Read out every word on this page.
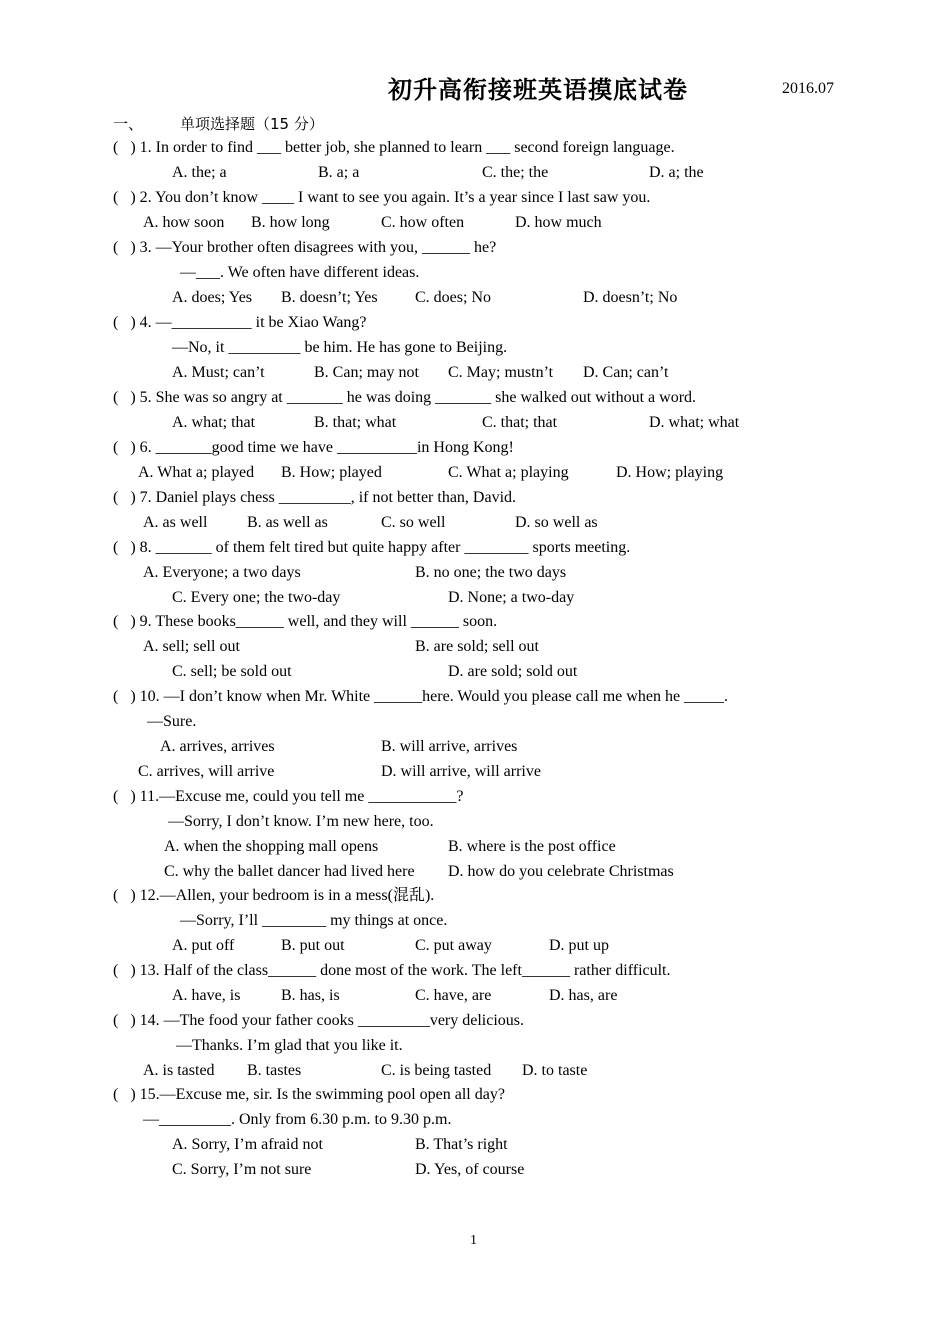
初升高衔接班英语摸底试卷	2016.07
一、 单项选择题（15 分）
(   ) 1. In order to find ___ better job, she planned to learn ___ second foreign language.
A. the; a	B. a; a	C. the; the	D. a; the
(   ) 2. You don’t know ____ I want to see you again. It’s a year since I last saw you.
A. how soon B. how long	C. how often	D. how much
(   ) 3. —Your brother often disagrees with you, ______ he?
—___. We often have different ideas.
A. does; Yes B. doesn’t; Yes C. does; No	D. doesn’t; No
(   ) 4. —__________ it be Xiao Wang?
—No, it _________ be him. He has gone to Beijing.
A. Must; can’t	B. Can; may not C. May; mustn’t D. Can; can’t
(   ) 5. She was so angry at _______ he was doing _______ she walked out without a word.
A. what; that	B. that; what	C. that; that	D. what; what
(   ) 6. _______good time we have __________in Hong Kong!
A. What a; played B. How; played	C. What a; playing	D. How; playing
(   ) 7. Daniel plays chess _________, if not better than, David.
A. as well B. as well as	C. so well	D. so well as
(   ) 8. _______ of them felt tired but quite happy after ________ sports meeting.
A. Everyone; a two days	B. no one; the two days
C. Every one; the two-day	D. None; a two-day
(   ) 9. These books______ well, and they will ______ soon.
A. sell; sell out	B. are sold; sell out
C. sell; be sold out	D. are sold; sold out
(   ) 10. —I don’t know when Mr. White ______here. Would you please call me when he _____.
—Sure.
A. arrives, arrives	B. will arrive, arrives
C. arrives, will arrive	D. will arrive, will arrive
(   ) 11.—Excuse me, could you tell me ___________?
—Sorry, I don’t know. I’m new here, too.
A. when the shopping mall opens	B. where is the post office
C. why the ballet dancer had lived here D. how do you celebrate Christmas
(   ) 12.—Allen, your bedroom is in a mess(混乱).
—Sorry, I’ll ________ my things at once.
A. put off	B. put out	C. put away	D. put up
(   ) 13. Half of the class______ done most of the work. The left______ rather difficult.
A. have, is	B. has, is	C. have, are	D. has, are
(   ) 14. —The food your father cooks _________very delicious.
—Thanks. I’m glad that you like it.
A. is tasted B. tastes	C. is being tasted D. to taste
(   ) 15.—Excuse me, sir. Is the swimming pool open all day?
—_________. Only from 6.30 p.m. to 9.30 p.m.
A. Sorry, I’m afraid not	B. That’s right
C. Sorry, I’m not sure	D. Yes, of course
1
